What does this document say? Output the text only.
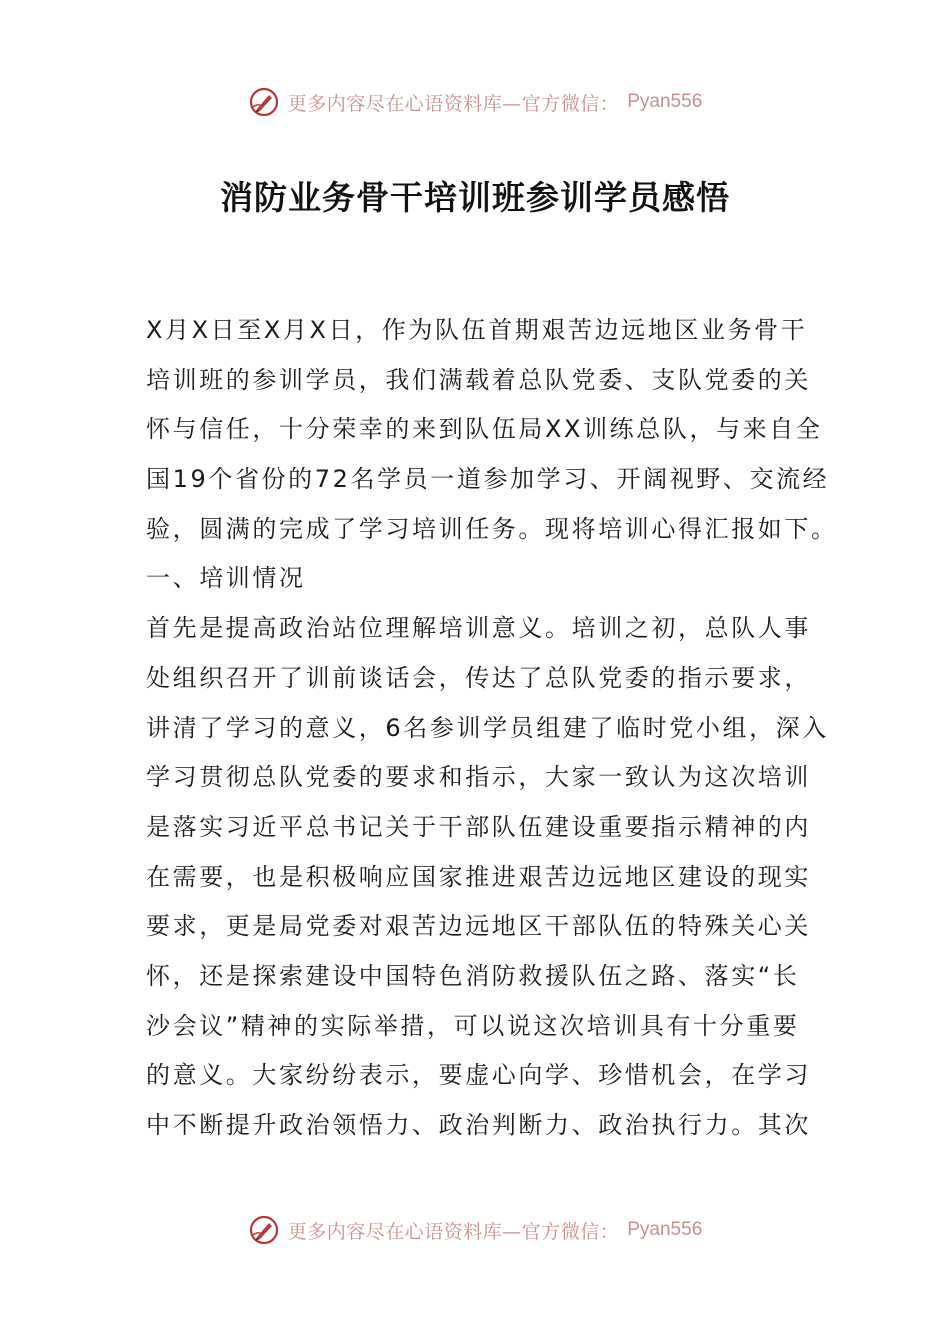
更多内容尽在心语资料库—官方微信： Pyan556
消防业务骨干培训班参训学员感悟
X月X日至X月X日，作为队伍首期艰苦边远地区业务骨干
培训班的参训学员，我们满载着总队党委、支队党委的关
怀与信任，十分荣幸的来到队伍局XX训练总队，与来自全
国19个省份的72名学员一道参加学习、开阔视野、交流经
验，圆满的完成了学习培训任务。现将培训心得汇报如下。
一、培训情况
首先是提高政治站位理解培训意义。培训之初，总队人事
处组织召开了训前谈话会，传达了总队党委的指示要求，
讲清了学习的意义，6名参训学员组建了临时党小组，深入
学习贯彻总队党委的要求和指示，大家一致认为这次培训
是落实习近平总书记关于干部队伍建设重要指示精神的内
在需要，也是积极响应国家推进艰苦边远地区建设的现实
要求，更是局党委对艰苦边远地区干部队伍的特殊关心关
怀，还是探索建设中国特色消防救援队伍之路、落实“长
沙会议”精神的实际举措，可以说这次培训具有十分重要
的意义。大家纷纷表示，要虚心向学、珍惜机会，在学习
中不断提升政治领悟力、政治判断力、政治执行力。其次
更多内容尽在心语资料库—官方微信： Pyan556
